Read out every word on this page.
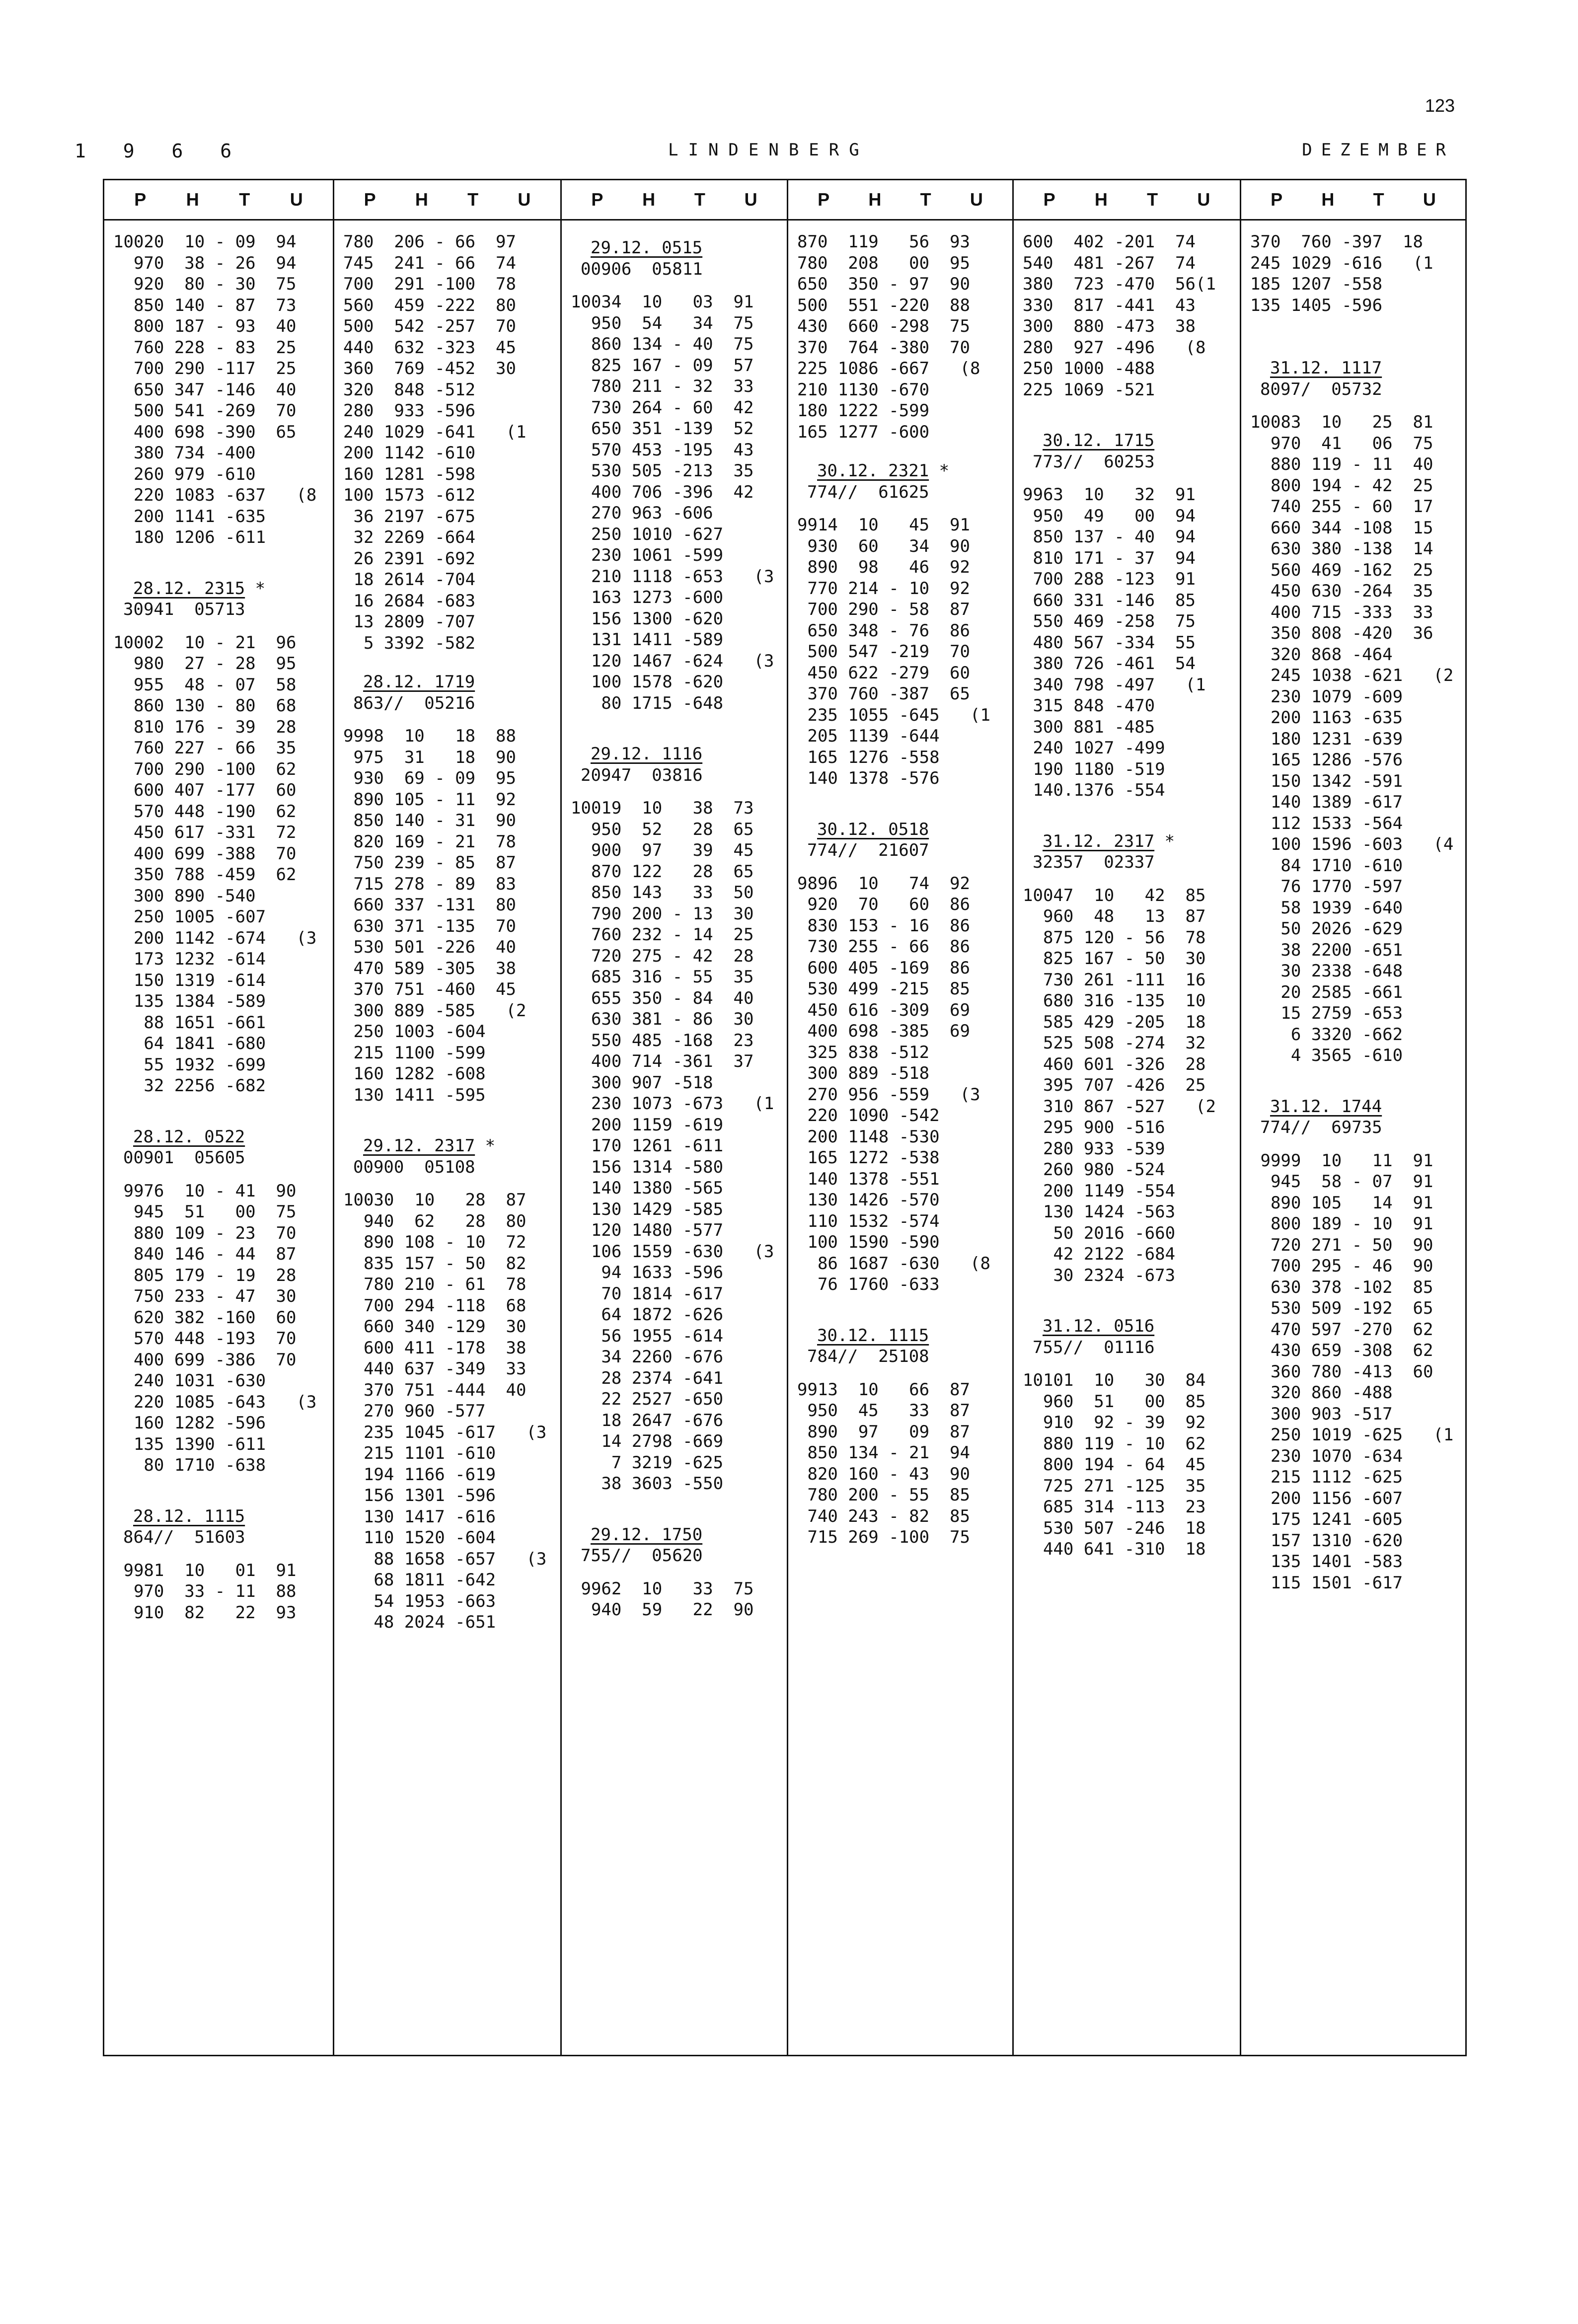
123
1 9 6 6	LINDENBERG	DEZEMBER
P H T U
10020  10 - 09  94
970  38 - 26  94
920  80 - 30  75
850 140 - 87  73
800 187 - 93  40
760 228 - 83  25
700 290 -117  25
650 347 -146  40
500 541 -269  70
400 698 -390  65
380 734 -400
260 979 -610
220 1083 -637   (8
200 1141 -635
180 1206 -611
28.12. 2315 *
30941  05713
10002  10 - 21  96
980  27 - 28  95
955  48 - 07  58
860 130 - 80  68
810 176 - 39  28
760 227 - 66  35
700 290 -100  62
600 407 -177  60
570 448 -190  62
450 617 -331  72
400 699 -388  70
350 788 -459  62
300 890 -540
250 1005 -607
200 1142 -674   (3
173 1232 -614
150 1319 -614
135 1384 -589
88 1651 -661
64 1841 -680
55 1932 -699
32 2256 -682
28.12. 0522
00901  05605
9976  10 - 41  90
945  51   00  75
880 109 - 23  70
840 146 - 44  87
805 179 - 19  28
750 233 - 47  30
620 382 -160  60
570 448 -193  70
400 699 -386  70
240 1031 -630
220 1085 -643   (3
160 1282 -596
135 1390 -611
80 1710 -638
28.12. 1115
864//  51603
9981  10   01  91
970  33 - 11  88
910  82   22  93
P H T U
780  206 - 66  97
745  241 - 66  74
700  291 -100  78
560  459 -222  80
500  542 -257  70
440  632 -323  45
360  769 -452  30
320  848 -512
280  933 -596
240 1029 -641   (1
200 1142 -610
160 1281 -598
100 1573 -612
36 2197 -675
32 2269 -664
26 2391 -692
18 2614 -704
16 2684 -683
13 2809 -707
5 3392 -582
28.12. 1719
863//  05216
9998  10   18  88
975  31   18  90
930  69 - 09  95
890 105 - 11  92
850 140 - 31  90
820 169 - 21  78
750 239 - 85  87
715 278 - 89  83
660 337 -131  80
630 371 -135  70
530 501 -226  40
470 589 -305  38
370 751 -460  45
300 889 -585   (2
250 1003 -604
215 1100 -599
160 1282 -608
130 1411 -595
29.12. 2317 *
00900  05108
10030  10   28  87
940  62   28  80
890 108 - 10  72
835 157 - 50  82
780 210 - 61  78
700 294 -118  68
660 340 -129  30
600 411 -178  38
440 637 -349  33
370 751 -444  40
270 960 -577
235 1045 -617   (3
215 1101 -610
194 1166 -619
156 1301 -596
130 1417 -616
110 1520 -604
88 1658 -657   (3
68 1811 -642
54 1953 -663
48 2024 -651
P H T U
29.12. 0515
00906  05811
10034  10   03  91
950  54   34  75
860 134 - 40  75
825 167 - 09  57
780 211 - 32  33
730 264 - 60  42
650 351 -139  52
570 453 -195  43
530 505 -213  35
400 706 -396  42
270 963 -606
250 1010 -627
230 1061 -599
210 1118 -653   (3
163 1273 -600
156 1300 -620
131 1411 -589
120 1467 -624   (3
100 1578 -620
80 1715 -648
29.12. 1116
20947  03816
10019  10   38  73
950  52   28  65
900  97   39  45
870 122   28  65
850 143   33  50
790 200 - 13  30
760 232 - 14  25
720 275 - 42  28
685 316 - 55  35
655 350 - 84  40
630 381 - 86  30
550 485 -168  23
400 714 -361  37
300 907 -518
230 1073 -673   (1
200 1159 -619
170 1261 -611
156 1314 -580
140 1380 -565
130 1429 -585
120 1480 -577
106 1559 -630   (3
94 1633 -596
70 1814 -617
64 1872 -626
56 1955 -614
34 2260 -676
28 2374 -641
22 2527 -650
18 2647 -676
14 2798 -669
7 3219 -625
38 3603 -550
29.12. 1750
755//  05620
9962  10   33  75
940  59   22  90
P H T U
870  119   56  93
780  208   00  95
650  350 - 97  90
500  551 -220  88
430  660 -298  75
370  764 -380  70
225 1086 -667   (8
210 1130 -670
180 1222 -599
165 1277 -600
30.12. 2321 *
774//  61625
9914  10   45  91
930  60   34  90
890  98   46  92
770 214 - 10  92
700 290 - 58  87
650 348 - 76  86
500 547 -219  70
450 622 -279  60
370 760 -387  65
235 1055 -645   (1
205 1139 -644
165 1276 -558
140 1378 -576
30.12. 0518
774//  21607
9896  10   74  92
920  70   60  86
830 153 - 16  86
730 255 - 66  86
600 405 -169  86
530 499 -215  85
450 616 -309  69
400 698 -385  69
325 838 -512
300 889 -518
270 956 -559   (3
220 1090 -542
200 1148 -530
165 1272 -538
140 1378 -551
130 1426 -570
110 1532 -574
100 1590 -590
86 1687 -630   (8
76 1760 -633
30.12. 1115
784//  25108
9913  10   66  87
950  45   33  87
890  97   09  87
850 134 - 21  94
820 160 - 43  90
780 200 - 55  85
740 243 - 82  85
715 269 -100  75
P H T U
600  402 -201  74
540  481 -267  74
380  723 -470  56(1
330  817 -441  43
300  880 -473  38
280  927 -496   (8
250 1000 -488
225 1069 -521
30.12. 1715
773//  60253
9963  10   32  91
950  49   00  94
850 137 - 40  94
810 171 - 37  94
700 288 -123  91
660 331 -146  85
550 469 -258  75
480 567 -334  55
380 726 -461  54
340 798 -497   (1
315 848 -470
300 881 -485
240 1027 -499
190 1180 -519
140.1376 -554
31.12. 2317 *
32357  02337
10047  10   42  85
960  48   13  87
875 120 - 56  78
825 167 - 50  30
730 261 -111  16
680 316 -135  10
585 429 -205  18
525 508 -274  32
460 601 -326  28
395 707 -426  25
310 867 -527   (2
295 900 -516
280 933 -539
260 980 -524
200 1149 -554
130 1424 -563
50 2016 -660
42 2122 -684
30 2324 -673
31.12. 0516
755//  01116
10101  10   30  84
960  51   00  85
910  92 - 39  92
880 119 - 10  62
800 194 - 64  45
725 271 -125  35
685 314 -113  23
530 507 -246  18
440 641 -310  18
P H T U
370  760 -397  18
245 1029 -616   (1
185 1207 -558
135 1405 -596
31.12. 1117
8097/  05732
10083  10   25  81
970  41   06  75
880 119 - 11  40
800 194 - 42  25
740 255 - 60  17
660 344 -108  15
630 380 -138  14
560 469 -162  25
450 630 -264  35
400 715 -333  33
350 808 -420  36
320 868 -464
245 1038 -621   (2
230 1079 -609
200 1163 -635
180 1231 -639
165 1286 -576
150 1342 -591
140 1389 -617
112 1533 -564
100 1596 -603   (4
84 1710 -610
76 1770 -597
58 1939 -640
50 2026 -629
38 2200 -651
30 2338 -648
20 2585 -661
15 2759 -653
6 3320 -662
4 3565 -610
31.12. 1744
774//  69735
9999  10   11  91
945  58 - 07  91
890 105   14  91
800 189 - 10  91
720 271 - 50  90
700 295 - 46  90
630 378 -102  85
530 509 -192  65
470 597 -270  62
430 659 -308  62
360 780 -413  60
320 860 -488
300 903 -517
250 1019 -625   (1
230 1070 -634
215 1112 -625
200 1156 -607
175 1241 -605
157 1310 -620
135 1401 -583
115 1501 -617
